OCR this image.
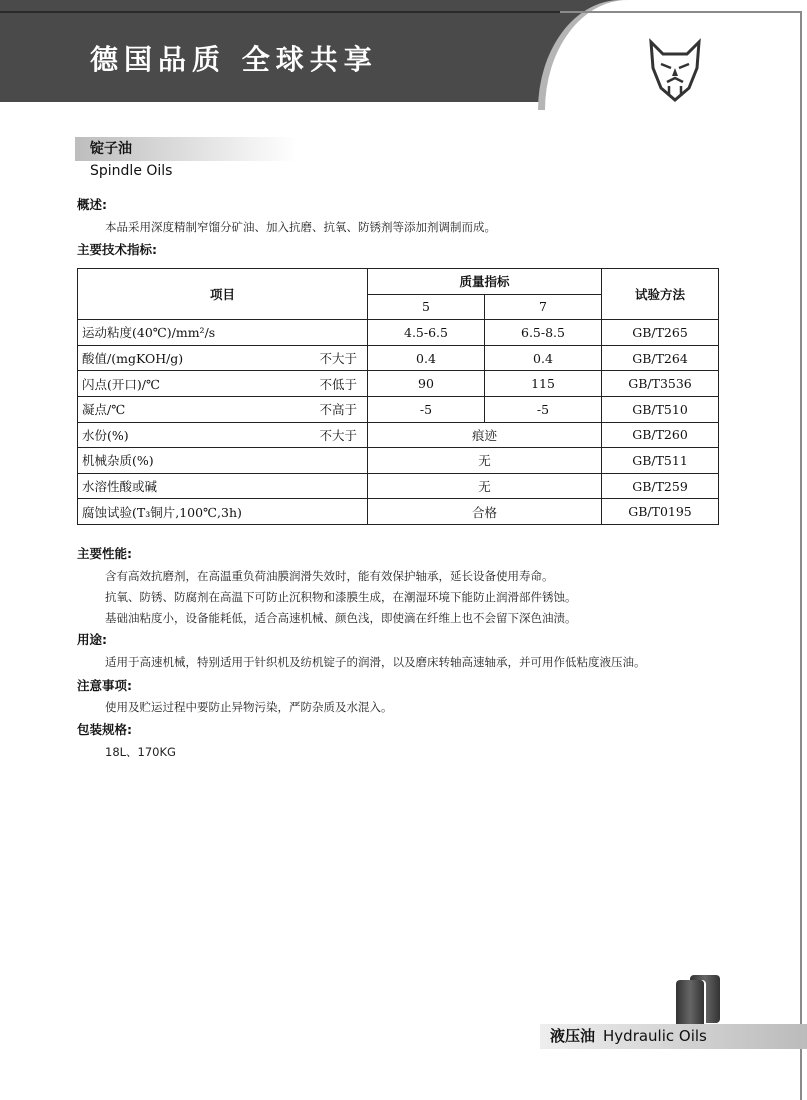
德国品质 全球共享
锭子油
Spindle Oils
概述:
本品采用深度精制窄馏分矿油、加入抗磨、抗氧、防锈剂等添加剂调制而成。
主要技术指标:
项目		质量指标		试验方法
		5	7	
运动粘度(40℃)/mm²/s		4.5-6.5	6.5-8.5	GB/T265
酸值/(mgKOH/g)	不大于	0.4	0.4	GB/T264
闪点(开口)/℃	不低于	90	115	GB/T3536
凝点/℃	不高于	-5	-5	GB/T510
水份(%)	不大于	痕迹		GB/T260
机械杂质(%)		无		GB/T511
水溶性酸或碱		无		GB/T259
腐蚀试验(T₃铜片,100℃,3h)		合格		GB/T0195
主要性能:
含有高效抗磨剂，在高温重负荷油膜润滑失效时，能有效保护轴承，延长设备使用寿命。
抗氧、防锈、防腐剂在高温下可防止沉积物和漆膜生成，在潮湿环境下能防止润滑部件锈蚀。
基础油粘度小，设备能耗低，适合高速机械、颜色浅，即使滴在纤维上也不会留下深色油渍。
用途:
适用于高速机械，特别适用于针织机及纺机锭子的润滑，以及磨床转轴高速轴承，并可用作低粘度液压油。
注意事项:
使用及贮运过程中要防止异物污染，严防杂质及水混入。
包装规格:
18L、170KG
液压油 Hydraulic Oils
